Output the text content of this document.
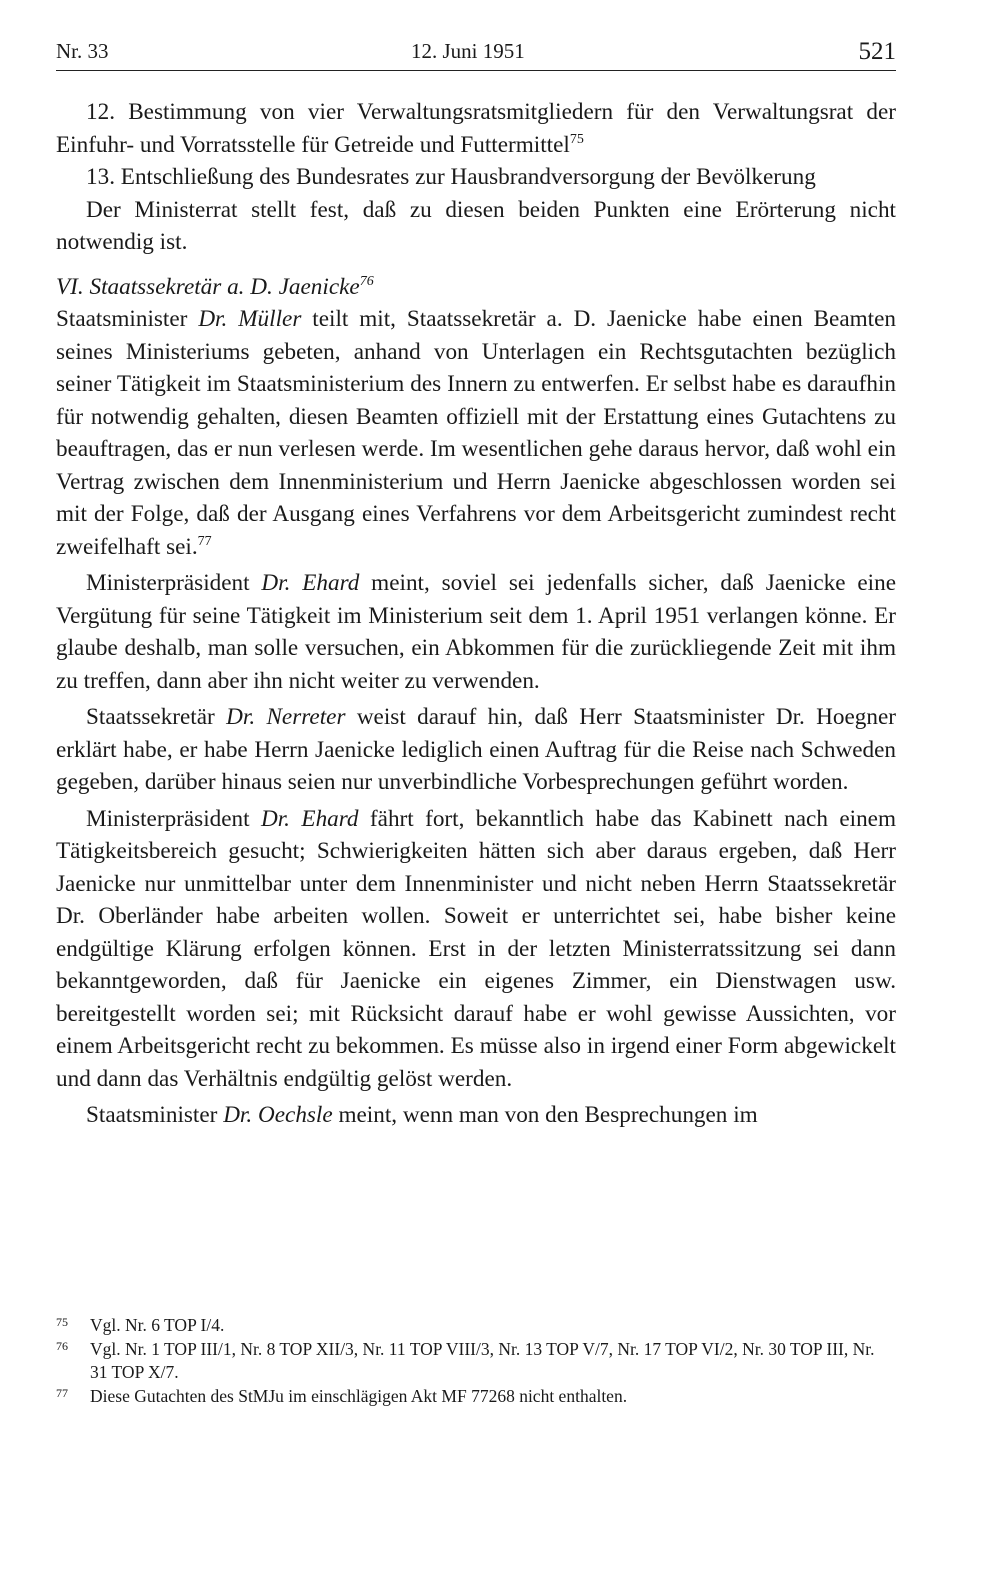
Nr. 33	12. Juni 1951	521

12. Bestimmung von vier Verwaltungsratsmitgliedern für den Verwaltungsrat der Einfuhr- und Vorratsstelle für Getreide und Futtermittel$^{75}$

13. Entschließung des Bundesrates zur Hausbrandversorgung der Bevölkerung

Der Ministerrat stellt fest, daß zu diesen beiden Punkten eine Erörterung nicht notwendig ist.

VI. Staatssekretär a. D. Jaenicke$^{76}$

Staatsminister Dr. Müller teilt mit, Staatssekretär a. D. Jaenicke habe einen Beamten seines Ministeriums gebeten, anhand von Unterlagen ein Rechtsgutachten bezüglich seiner Tätigkeit im Staatsministerium des Innern zu entwerfen. Er selbst habe es daraufhin für notwendig gehalten, diesen Beamten offiziell mit der Erstattung eines Gutachtens zu beauftragen, das er nun verlesen werde. Im wesentlichen gehe daraus hervor, daß wohl ein Vertrag zwischen dem Innenministerium und Herrn Jaenicke abgeschlossen worden sei mit der Folge, daß der Ausgang eines Verfahrens vor dem Arbeitsgericht zumindest recht zweifelhaft sei.$^{77}$

Ministerpräsident Dr. Ehard meint, soviel sei jedenfalls sicher, daß Jaenicke eine Vergütung für seine Tätigkeit im Ministerium seit dem 1. April 1951 verlangen könne. Er glaube deshalb, man solle versuchen, ein Abkommen für die zurückliegende Zeit mit ihm zu treffen, dann aber ihn nicht weiter zu verwenden.

Staatssekretär Dr. Nerreter weist darauf hin, daß Herr Staatsminister Dr. Hoegner erklärt habe, er habe Herrn Jaenicke lediglich einen Auftrag für die Reise nach Schweden gegeben, darüber hinaus seien nur unverbindliche Vorbesprechungen geführt worden.

Ministerpräsident Dr. Ehard fährt fort, bekanntlich habe das Kabinett nach einem Tätigkeitsbereich gesucht; Schwierigkeiten hätten sich aber daraus ergeben, daß Herr Jaenicke nur unmittelbar unter dem Innenminister und nicht neben Herrn Staatssekretär Dr. Oberländer habe arbeiten wollen. Soweit er unterrichtet sei, habe bisher keine endgültige Klärung erfolgen können. Erst in der letzten Ministerratssitzung sei dann bekanntgeworden, daß für Jaenicke ein eigenes Zimmer, ein Dienstwagen usw. bereitgestellt worden sei; mit Rücksicht darauf habe er wohl gewisse Aussichten, vor einem Arbeitsgericht recht zu bekommen. Es müsse also in irgend einer Form abgewickelt und dann das Verhältnis endgültig gelöst werden.

Staatsminister Dr. Oechsle meint, wenn man von den Besprechungen im

75 Vgl. Nr. 6 TOP I/4.
76 Vgl. Nr. 1 TOP III/1, Nr. 8 TOP XII/3, Nr. 11 TOP VIII/3, Nr. 13 TOP V/7, Nr. 17 TOP VI/2, Nr. 30 TOP III, Nr. 31 TOP X/7.
77 Diese Gutachten des StMJu im einschlägigen Akt MF 77268 nicht enthalten.
